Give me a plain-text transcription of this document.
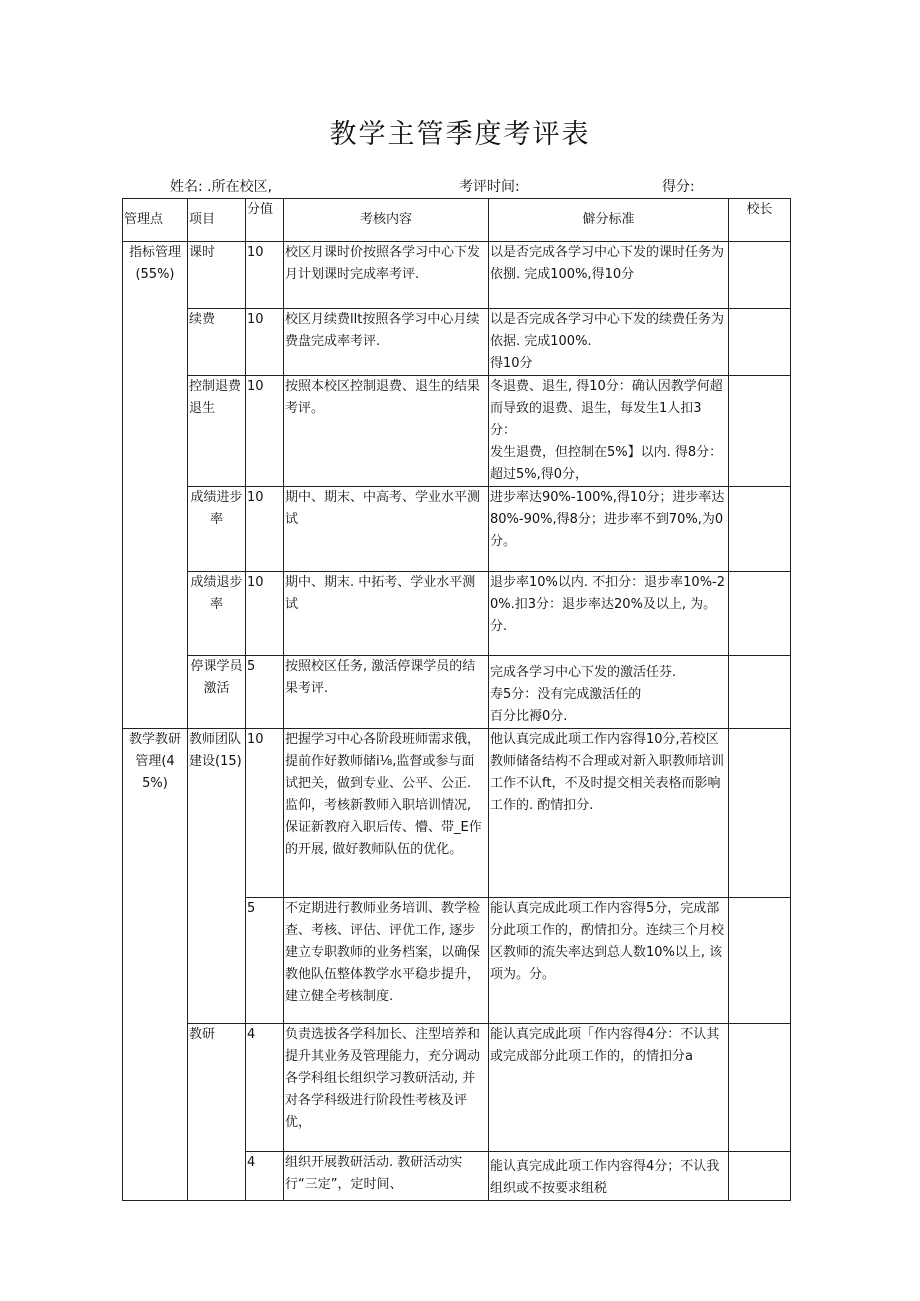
教学主管季度考评表
姓名: .所在校区,	考评时间:	得分:
管理点	项目	分值	考核内容	僻分标准	校长
指标管理(55%)	课时	10	校区月课时价按照各学习中心下发月计划课时完成率考评.	以是否完成各学习中心下发的课时任务为依捌. 完成100%,得10分	
	续费	10	校区月续费llt按照各学习中心月续费盘完成率考评.	以是否完成各学习中心下发的续费任务为依据. 完成100%.
得10分	
	控制退费退生	10	按照本校区控制退费、退生的结果考评。	冬退费、退生, 得10分：确认因教学何超而导致的退费、退生，每发生1人扣3分：
发生退费，但控制在5%】以内. 得8分：超过5%,得0分，	
	成绩进步率	10	期中、期末、中高考、学业水平测试	进步率达90%-100%,得10分；进步率达80%-90%,得8分；进步率不到70%,为0分。	
	成绩退步率	10	期中、期末. 中拓考、学业水平测试	退步率10%以内. 不扣分：退步率10%-20%.扣3分：退步率达20%及以上, 为。分.	
	停课学员激活	5	按照校区任务, 激活停课学员的结果考评.	完成各学习中心下发的激活任芬.
寿5分：没有完成激活任的
百分比褥0分.	
教学教研管理(45%)	教师团队建设(15)	10	把握学习中心各阶段班师需求俄，提前作好教师储i⅛,监督或参与面试把关，做到专业、公平、公正. 监仰，考核新教师入职培训情况, 保证新教府入职后传、懵、带_E作的开展, 做好教师队伍的优化。	他认真完成此项工作内容得10分,若校区教师储备结构不合理或对新入职教师培训工作不认ft，不及时提交相关表格而影响工作的. 酌情扣分.	
		5	不定期进行教师业务培训、教学检查、考核、评估、评优工作, 逐步建立专职教师的业务档案，以确保教他队伍整体教学水平稳步提升，建立健全考核制度.	能认真完成此项工作内容得5分，完成部分此项工作的，酌情扣分。连续三个月校区教师的流失率达到总人数10%以上, 该项为。分。	
	教研	4	负责选拔各学科加长、注型培养和提升其业务及管理能力，充分调动各学科组长组织学习教研活动, 并对各学科级进行阶段性考核及评优，	能认真完成此项「作内容得4分：不认其或完成部分此项工作的，的情扣分a	
		4	组织开展教研活动. 教研活动实行“三定”，定时间、	能认真完成此项工作内容得4分；不认我组织或不按要求组税	
